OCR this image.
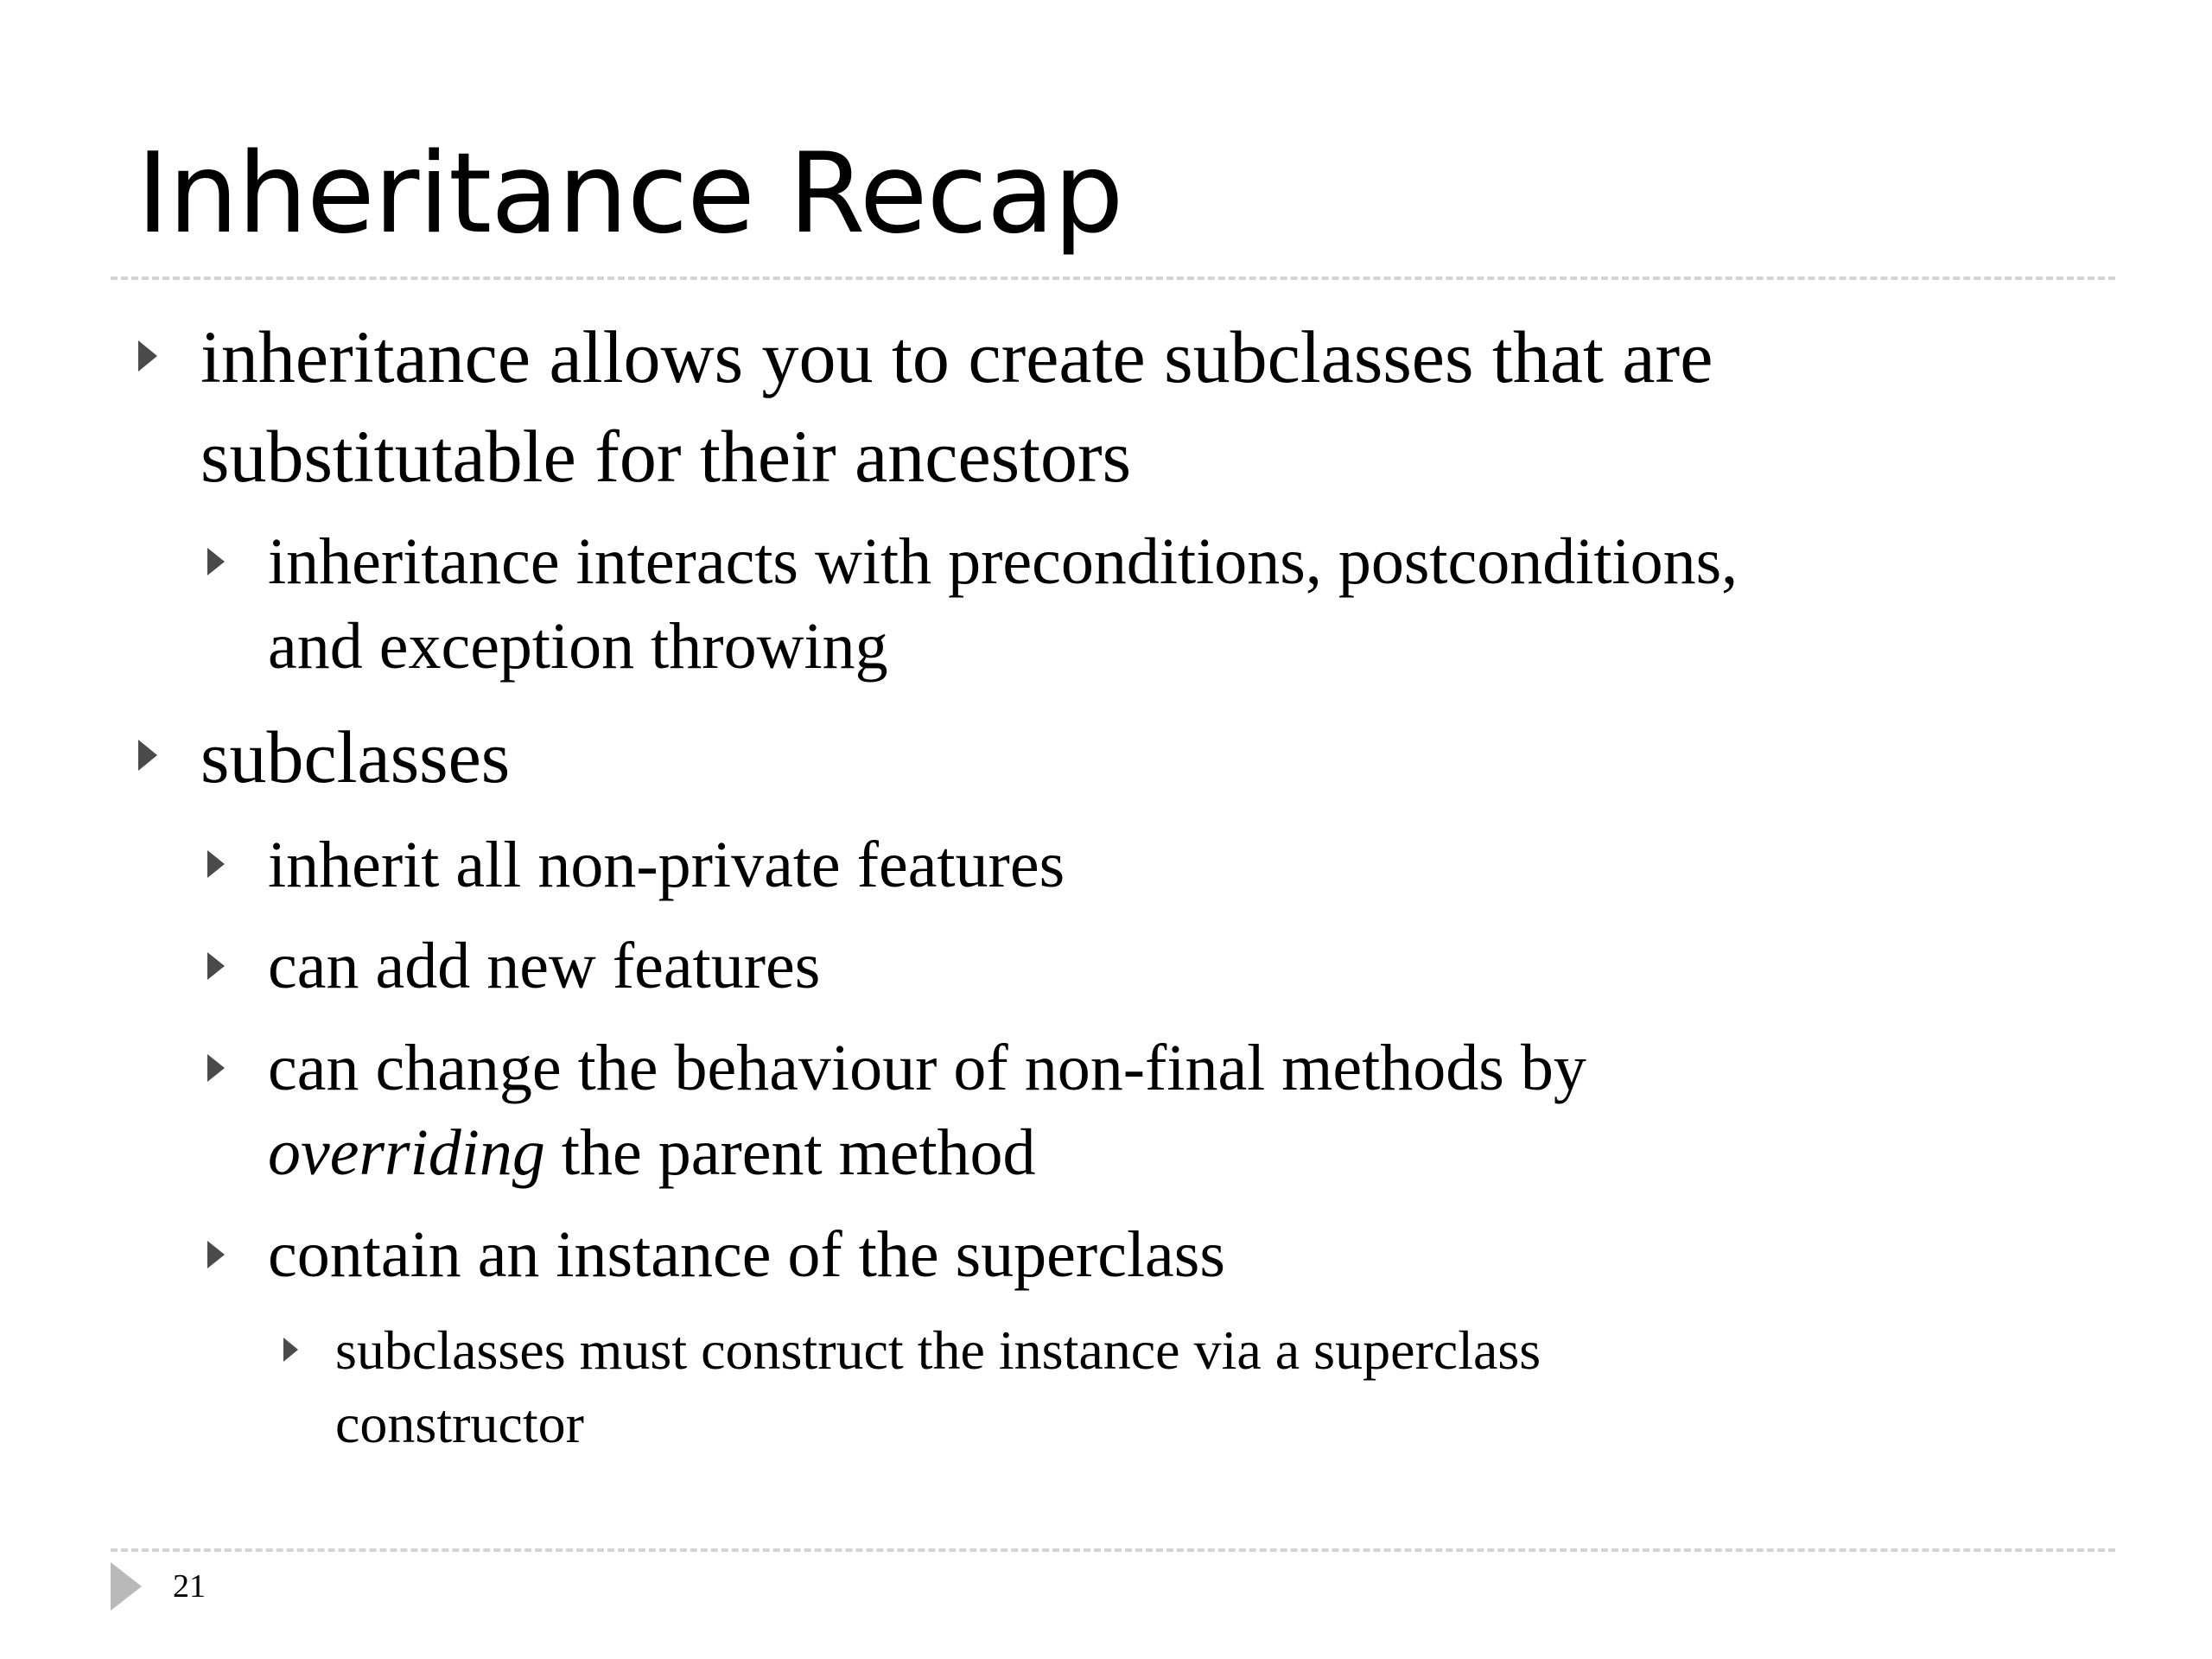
Inheritance Recap
inheritance allows you to create subclasses that are
substitutable for their ancestors
inheritance interacts with preconditions, postconditions,
and exception throwing
subclasses
inherit all non-private features
can add new features
can change the behaviour of non-final methods by
overriding the parent method
contain an instance of the superclass
subclasses must construct the instance via a superclass
constructor
21
